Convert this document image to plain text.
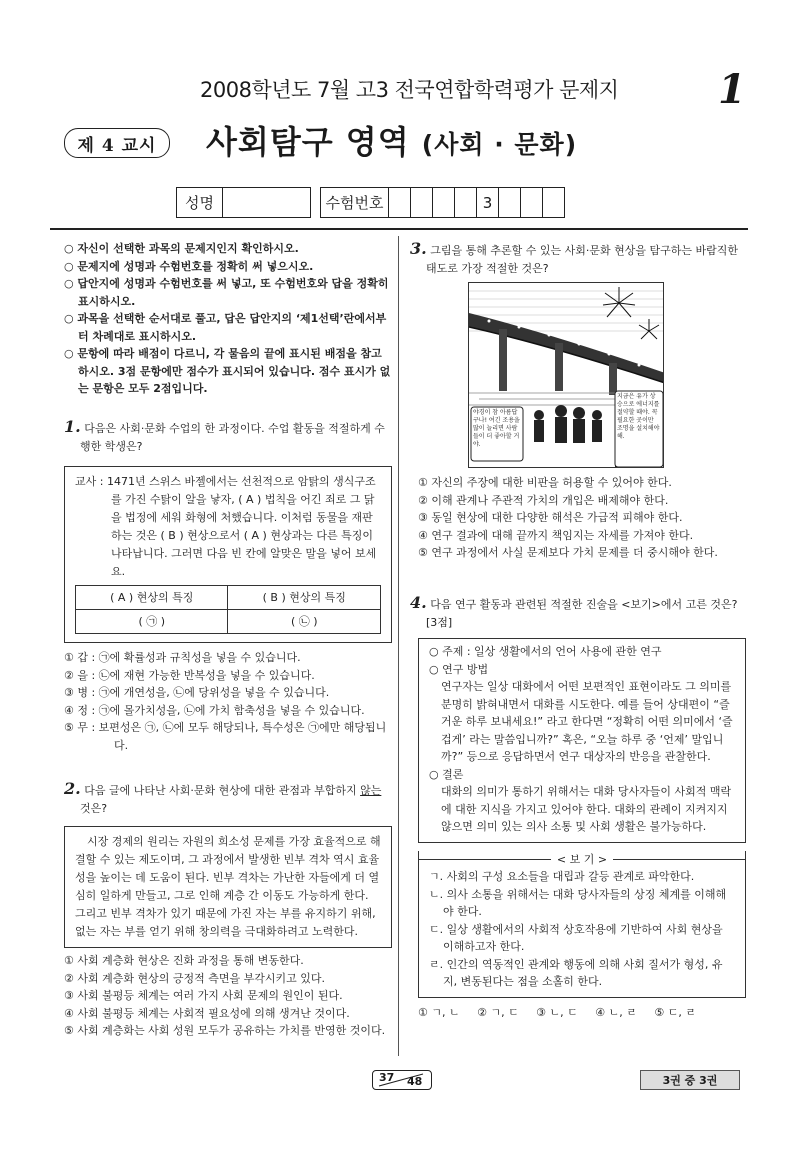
2008학년도 7월 고3 전국연합학력평가 문제지 1
제 4 교시	사회탐구 영역 (사회 · 문화)
성명			수험번호					3			
○ 자신이 선택한 과목의 문제지인지 확인하시오.
○ 문제지에 성명과 수험번호를 정확히 써 넣으시오.
○ 답안지에 성명과 수험번호를 써 넣고, 또 수험번호와 답을 정확히 표시하시오.
○ 과목을 선택한 순서대로 풀고, 답은 답안지의 ‘제1선택’란에서부터 차례대로 표시하시오.
○ 문항에 따라 배점이 다르니, 각 물음의 끝에 표시된 배점을 참고하시오. 3점 문항에만 점수가 표시되어 있습니다. 점수 표시가 없는 문항은 모두 2점입니다.
1. 다음은 사회·문화 수업의 한 과정이다. 수업 활동을 적절하게 수행한 학생은?
교사 : 1471년 스위스 바젤에서는 선천적으로 암탉의 생식구조를 가진 수탉이 알을 낳자, ( A ) 법칙을 어긴 죄로 그 닭을 법정에 세워 화형에 처했습니다. 이처럼 동물을 재판하는 것은 ( B ) 현상으로서 ( A ) 현상과는 다른 특징이 나타납니다. 그러면 다음 빈 칸에 알맞은 말을 넣어 보세요.
( A ) 현상의 특징	( B ) 현상의 특징
( ㉠ )	( ㉡ )
① 갑 : ㉠에 확률성과 규칙성을 넣을 수 있습니다.
② 을 : ㉡에 재현 가능한 반복성을 넣을 수 있습니다.
③ 병 : ㉠에 개연성을, ㉡에 당위성을 넣을 수 있습니다.
④ 정 : ㉠에 몰가치성을, ㉡에 가치 함축성을 넣을 수 있습니다.
⑤ 무 : 보편성은 ㉠, ㉡에 모두 해당되나, 특수성은 ㉠에만 해당됩니다.
2. 다음 글에 나타난 사회·문화 현상에 대한 관점과 부합하지 않는 것은?
시장 경제의 원리는 자원의 희소성 문제를 가장 효율적으로 해결할 수 있는 제도이며, 그 과정에서 발생한 빈부 격차 역시 효율성을 높이는 데 도움이 된다. 빈부 격차는 가난한 자들에게 더 열심히 일하게 만들고, 그로 인해 계층 간 이동도 가능하게 한다. 그리고 빈부 격차가 있기 때문에 가진 자는 부를 유지하기 위해, 없는 자는 부를 얻기 위해 창의력을 극대화하려고 노력한다.
① 사회 계층화 현상은 진화 과정을 통해 변동한다.
② 사회 계층화 현상의 긍정적 측면을 부각시키고 있다.
③ 사회 불평등 체계는 여러 가지 사회 문제의 원인이 된다.
④ 사회 불평등 체계는 사회적 필요성에 의해 생겨난 것이다.
⑤ 사회 계층화는 사회 성원 모두가 공유하는 가치를 반영한 것이다.
3. 그림을 통해 추론할 수 있는 사회·문화 현상을 탐구하는 바람직한 태도로 가장 적절한 것은?
야경이 참 아름답구나! 여긴 조용을 많이 늘리면 사람들이 더 좋아할 거야.
지금은 유가 상승으로 에너지를 절약할 때야. 꼭 필요한 곳이만 조명을 설치해야 해.
① 자신의 주장에 대한 비판을 허용할 수 있어야 한다.
② 이해 관계나 주관적 가치의 개입은 배제해야 한다.
③ 동일 현상에 대한 다양한 해석은 가급적 피해야 한다.
④ 연구 결과에 대해 끝까지 책임지는 자세를 가져야 한다.
⑤ 연구 과정에서 사실 문제보다 가치 문제를 더 중시해야 한다.
4. 다음 연구 활동과 관련된 적절한 진술을 <보기>에서 고른 것은? [3점]
○ 주제 : 일상 생활에서의 언어 사용에 관한 연구
○ 연구 방법
연구자는 일상 대화에서 어떤 보편적인 표현이라도 그 의미를 분명히 밝혀내면서 대화를 시도한다. 예를 들어 상대편이 “즐거운 하루 보내세요!” 라고 한다면 “정확히 어떤 의미에서 ‘즐겁게’ 라는 말씀입니까?” 혹은, “오늘 하루 중 ‘언제’ 말입니까?” 등으로 응답하면서 연구 대상자의 반응을 관찰한다.
○ 결론
대화의 의미가 통하기 위해서는 대화 당사자들이 사회적 맥락에 대한 지식을 가지고 있어야 한다. 대화의 관례이 지켜지지 않으면 의미 있는 의사 소통 및 사회 생활은 불가능하다.
< 보 기 >
ㄱ. 사회의 구성 요소들을 대립과 갈등 관계로 파악한다.
ㄴ. 의사 소통을 위해서는 대화 당사자들의 상징 체계를 이해해야 한다.
ㄷ. 일상 생활에서의 사회적 상호작용에 기반하여 사회 현상을 이해하고자 한다.
ㄹ. 인간의 역동적인 관계와 행동에 의해 사회 질서가 형성, 유지, 변동된다는 점을 소홀히 한다.
① ㄱ, ㄴ     ② ㄱ, ㄷ     ③ ㄴ, ㄷ     ④ ㄴ, ㄹ     ⑤ ㄷ, ㄹ
37 48	3권 중 3권
